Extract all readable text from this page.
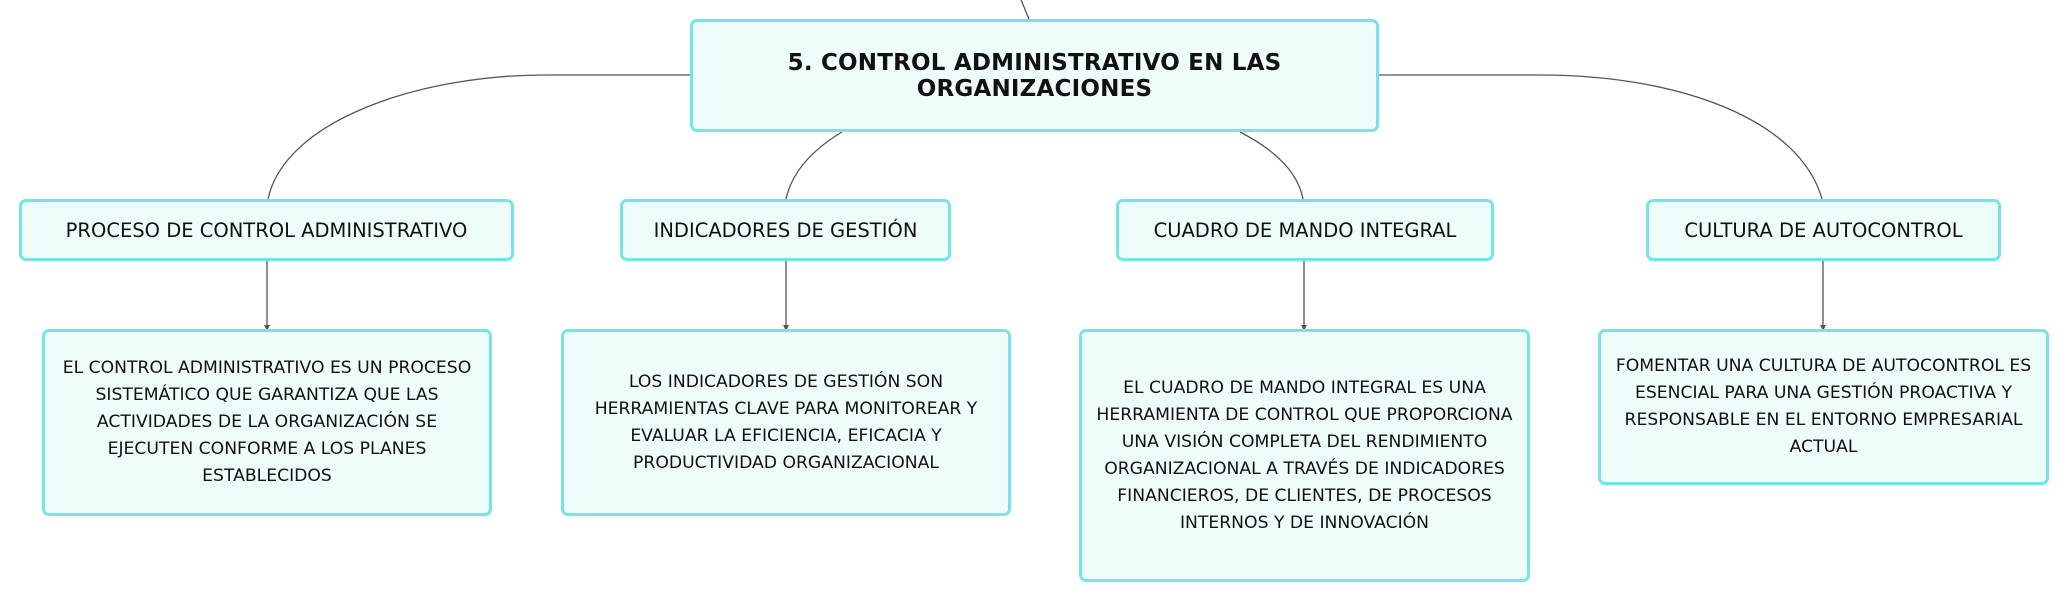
5. CONTROL ADMINISTRATIVO EN LAS ORGANIZACIONES
PROCESO DE CONTROL ADMINISTRATIVO	INDICADORES DE GESTIÓN	CUADRO DE MANDO INTEGRAL	CULTURA DE AUTOCONTROL
EL CONTROL ADMINISTRATIVO ES UN PROCESO SISTEMÁTICO QUE GARANTIZA QUE LAS ACTIVIDADES DE LA ORGANIZACIÓN SE EJECUTEN CONFORME A LOS PLANES ESTABLECIDOS
LOS INDICADORES DE GESTIÓN SON HERRAMIENTAS CLAVE PARA MONITOREAR Y EVALUAR LA EFICIENCIA, EFICACIA Y PRODUCTIVIDAD ORGANIZACIONAL
EL CUADRO DE MANDO INTEGRAL ES UNA HERRAMIENTA DE CONTROL QUE PROPORCIONA UNA VISIÓN COMPLETA DEL RENDIMIENTO ORGANIZACIONAL A TRAVÉS DE INDICADORES FINANCIEROS, DE CLIENTES, DE PROCESOS INTERNOS Y DE INNOVACIÓN
FOMENTAR UNA CULTURA DE AUTOCONTROL ES ESENCIAL PARA UNA GESTIÓN PROACTIVA Y RESPONSABLE EN EL ENTORNO EMPRESARIAL ACTUAL
